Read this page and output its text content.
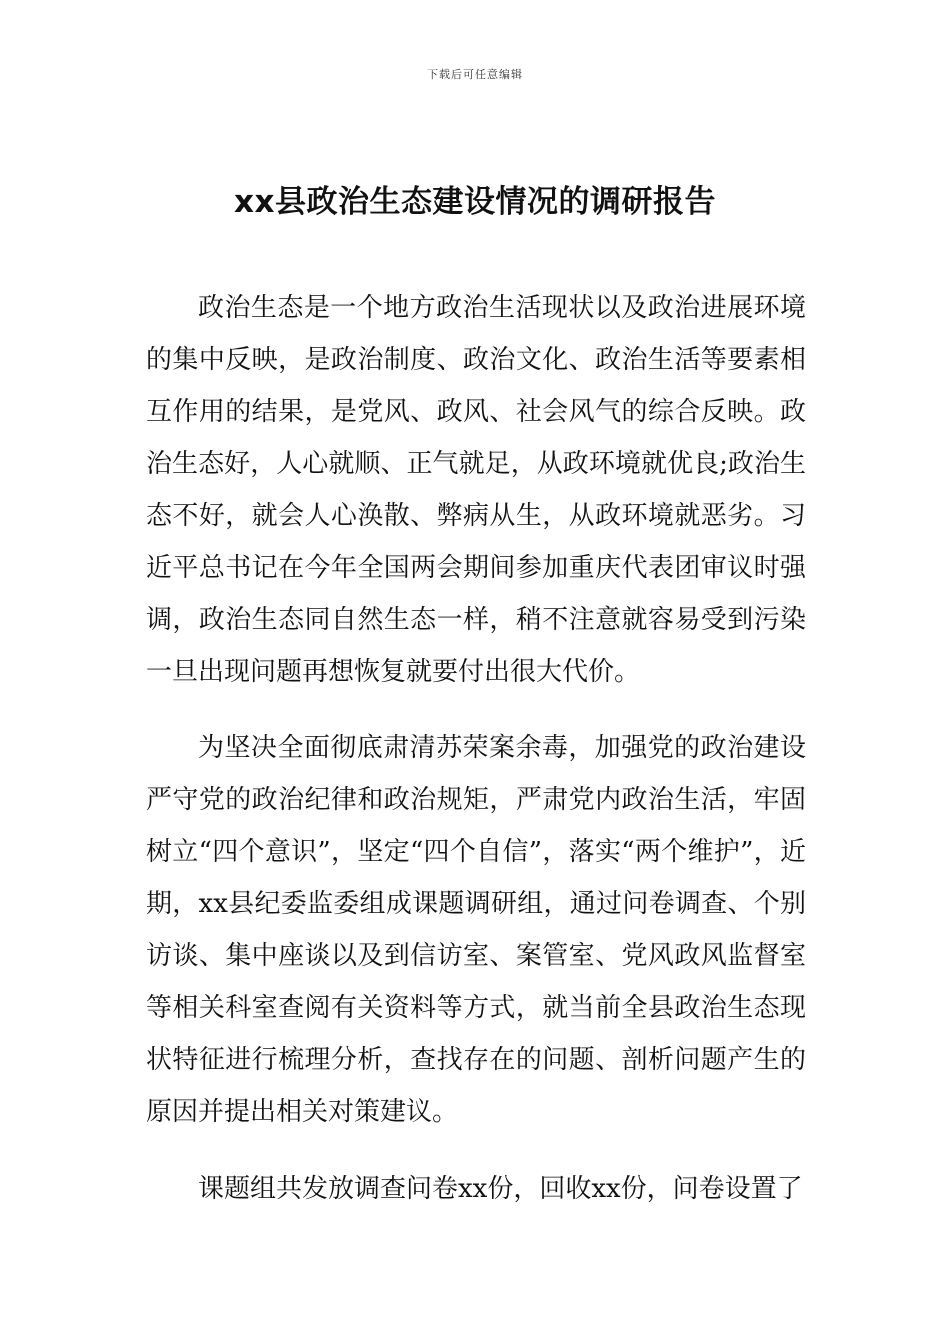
下载后可任意编辑
xx县政治生态建设情况的调研报告

政治生态是一个地方政治生活现状以及政治进展环境的集中反映，是政治制度、政治文化、政治生活等要素相互作用的结果，是党风、政风、社会风气的综合反映。政治生态好，人心就顺、正气就足，从政环境就优良;政治生态不好，就会人心涣散、弊病从生，从政环境就恶劣。习近平总书记在今年全国两会期间参加重庆代表团审议时强调，政治生态同自然生态一样，稍不注意就容易受到污染一旦出现问题再想恢复就要付出很大代价。

为坚决全面彻底肃清苏荣案余毒，加强党的政治建设严守党的政治纪律和政治规矩，严肃党内政治生活，牢固树立“四个意识”，坚定“四个自信”，落实“两个维护”，近期，xx县纪委监委组成课题调研组，通过问卷调查、个别访谈、集中座谈以及到信访室、案管室、党风政风监督室等相关科室查阅有关资料等方式，就当前全县政治生态现状特征进行梳理分析，查找存在的问题、剖析问题产生的原因并提出相关对策建议。

课题组共发放调查问卷xx份，回收xx份，问卷设置了
